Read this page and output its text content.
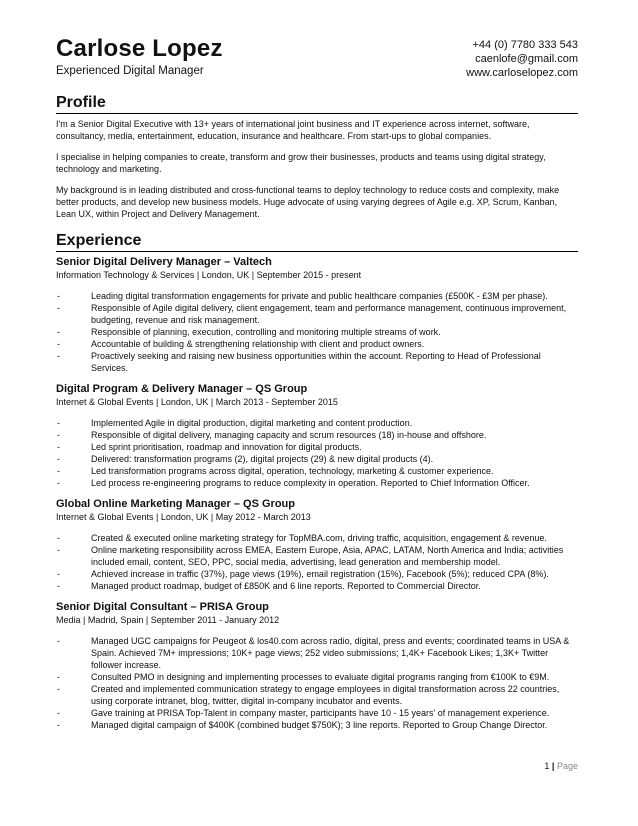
Carlose Lopez
Experienced Digital Manager
+44 (0) 7780 333 543
caenlofe@gmail.com
www.carloselopez.com
Profile

I'm a Senior Digital Executive with 13+ years of international joint business and IT experience across internet, software, consultancy, media, entertainment, education, insurance and healthcare. From start-ups to global companies.

I specialise in helping companies to create, transform and grow their businesses, products and teams using digital strategy, technology and marketing.

My background is in leading distributed and cross-functional teams to deploy technology to reduce costs and complexity, make better products, and develop new business models. Huge advocate of using varying degrees of Agile e.g. XP, Scrum, Kanban, Lean UX, within Project and Delivery Management.

Experience
Senior Digital Delivery Manager – Valtech
Information Technology & Services | London, UK | September 2015 - present
-	Leading digital transformation engagements for private and public healthcare companies (£500K - £3M per phase).
-	Responsible of Agile digital delivery, client engagement, team and performance management, continuous improvement, budgeting, revenue and risk management.
-	Responsible of planning, execution, controlling and monitoring multiple streams of work.
-	Accountable of building & strengthening relationship with client and product owners.
-	Proactively seeking and raising new business opportunities within the account. Reporting to Head of Professional Services.
Digital Program & Delivery Manager – QS Group
Internet & Global Events | London, UK | March 2013 - September 2015
-	Implemented Agile in digital production, digital marketing and content production.
-	Responsible of digital delivery, managing capacity and scrum resources (18) in-house and offshore.
-	Led sprint prioritisation, roadmap and innovation for digital products.
-	Delivered: transformation programs (2), digital projects (29) & new digital products (4).
-	Led transformation programs across digital, operation, technology, marketing & customer experience.
-	Led process re-engineering programs to reduce complexity in operation. Reported to Chief Information Officer.
Global Online Marketing Manager – QS Group
Internet & Global Events | London, UK | May 2012 - March 2013
-	Created & executed online marketing strategy for TopMBA.com, driving traffic, acquisition, engagement & revenue.
-	Online marketing responsibility across EMEA, Eastern Europe, Asia, APAC, LATAM, North America and India; activities included email, content, SEO, PPC, social media, advertising, lead generation and membership model.
-	Achieved increase in traffic (37%), page views (19%), email registration (15%), Facebook (5%); reduced CPA (8%).
-	Managed product roadmap, budget of £850K and 6 line reports. Reported to Commercial Director.
Senior Digital Consultant – PRISA Group
Media | Madrid, Spain | September 2011 - January 2012
-	Managed UGC campaigns for Peugeot & los40.com across radio, digital, press and events; coordinated teams in USA & Spain. Achieved 7M+ impressions; 10K+ page views; 252 video submissions; 1,4K+ Facebook Likes; 1,3K+ Twitter follower increase.
-	Consulted PMO in designing and implementing processes to evaluate digital programs ranging from €100K to €9M.
-	Created and implemented communication strategy to engage employees in digital transformation across 22 countries, using corporate intranet, blog, twitter, digital in-company incubator and events.
-	Gave training at PRISA Top-Talent in company master, participants have 10 - 15 years' of management experience.
-	Managed digital campaign of $400K (combined budget $750K); 3 line reports. Reported to Group Change Director.
1 | Page
